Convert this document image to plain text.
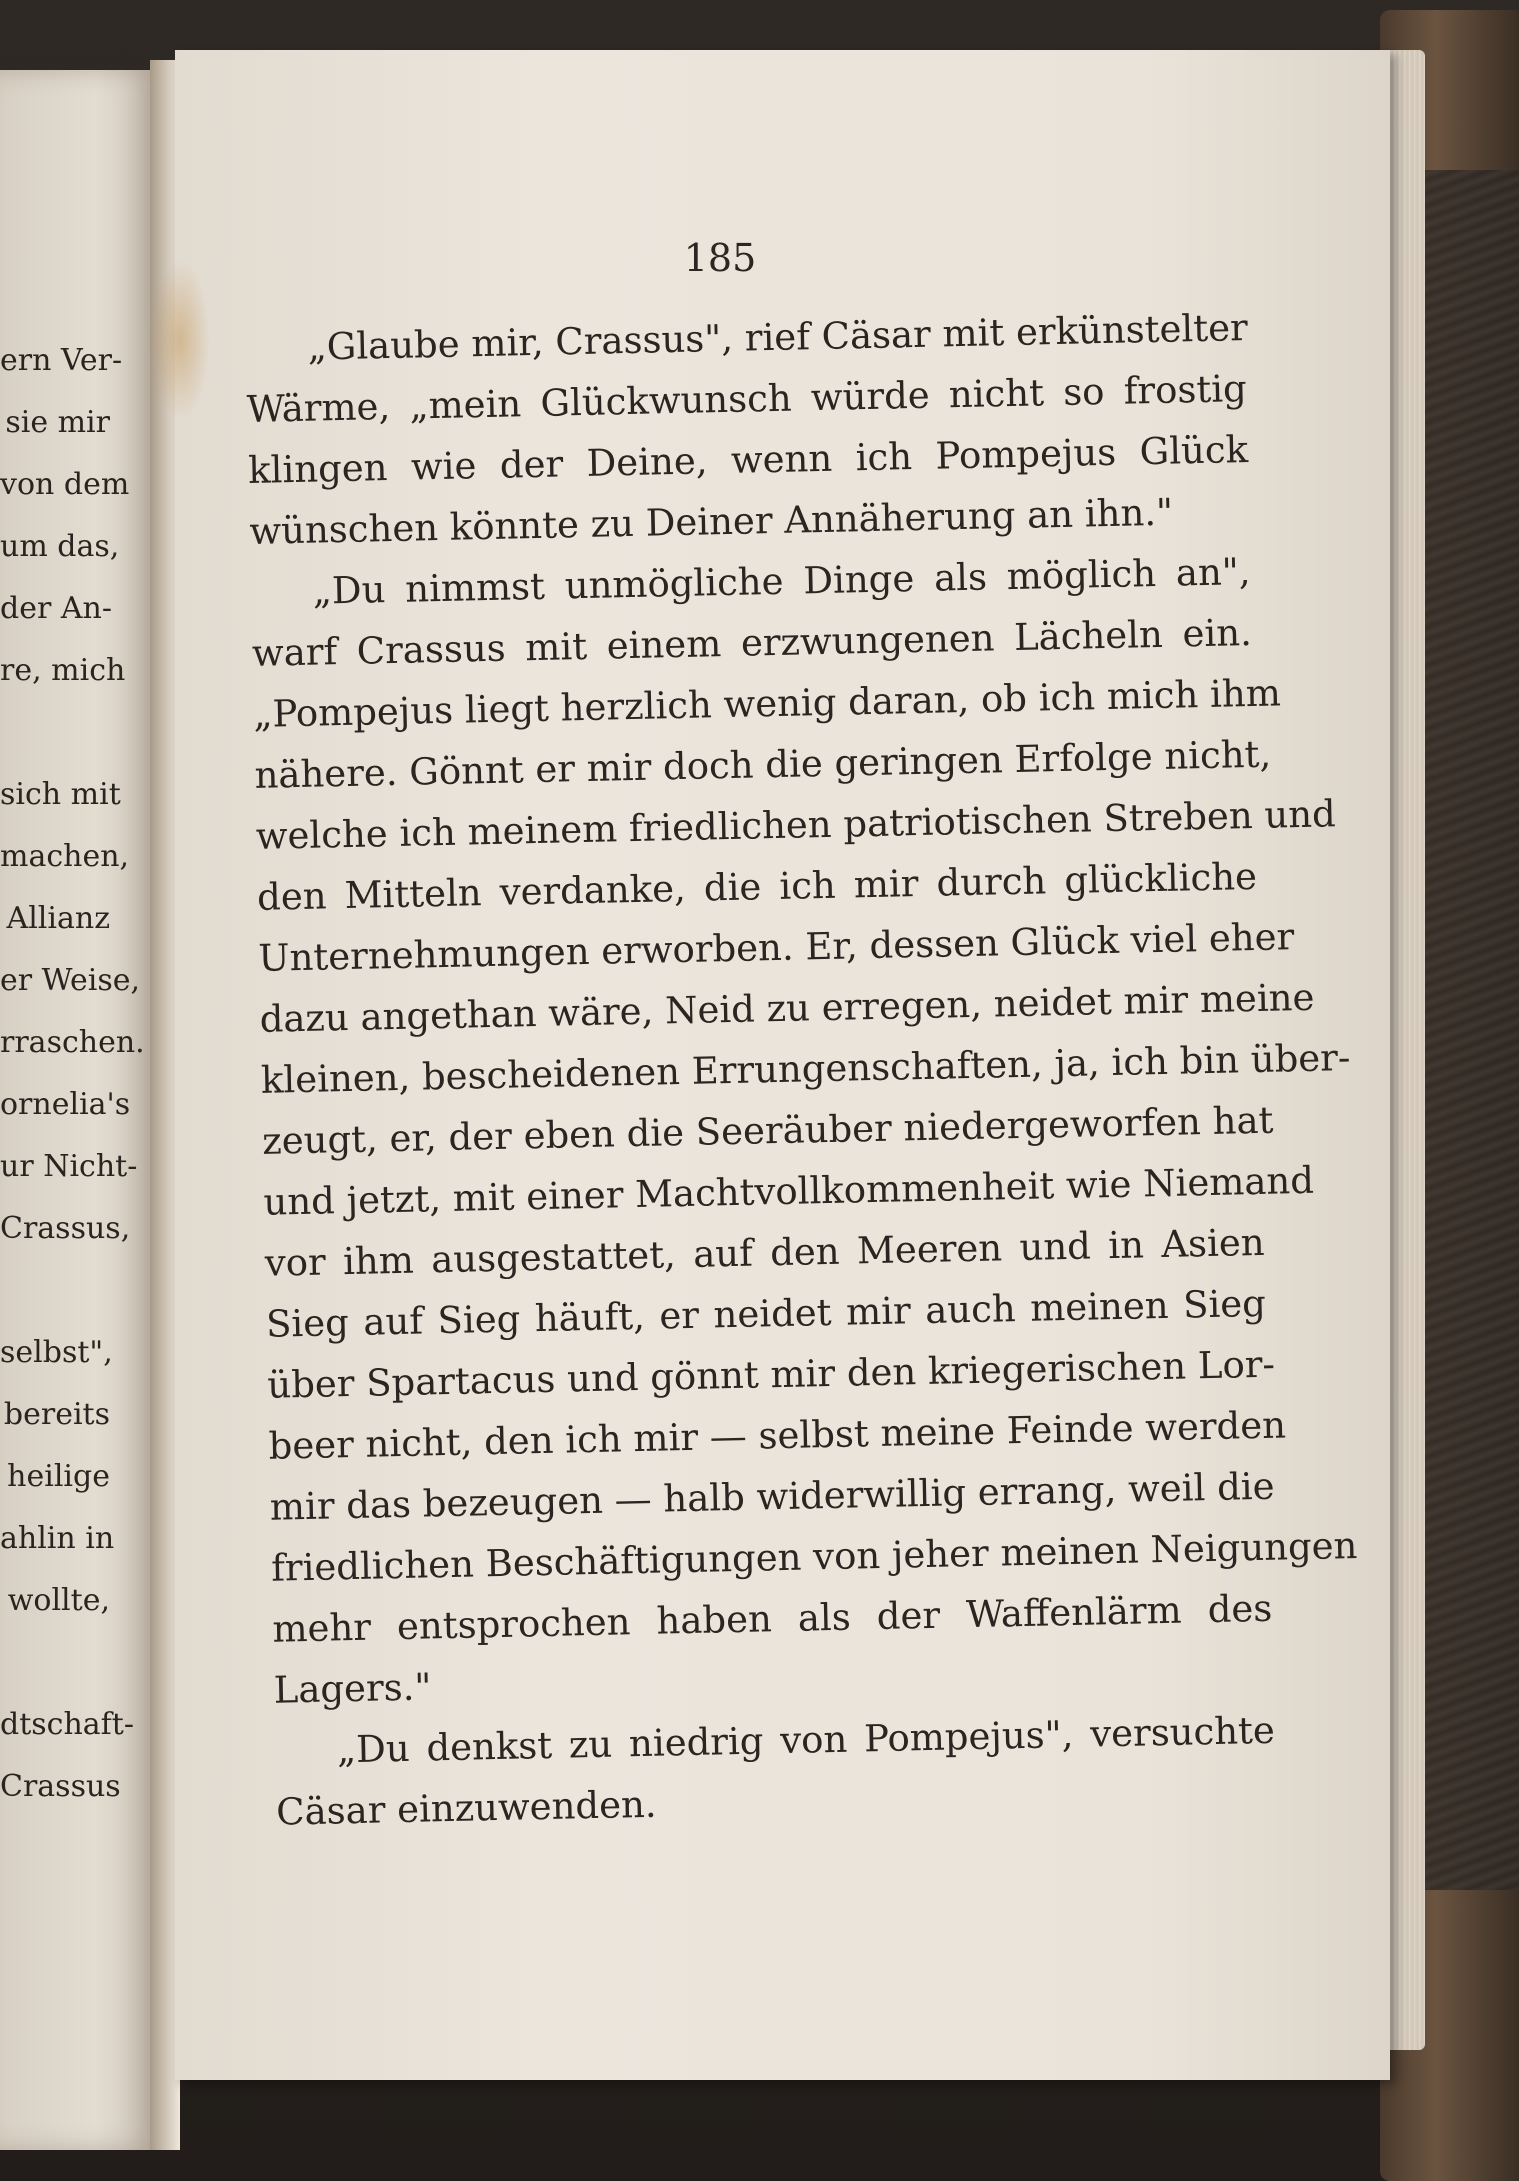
ern Ver-
sie mir
von dem
um das,
der An-
re, mich
sich mit
machen,
Allianz
er Weise,
rraschen.
ornelia's
ur Nicht-
Crassus,
selbst",
bereits
heilige
ahlin in
wollte,
dtschaft-
Crassus
185
„Glaube mir, Crassus", rief Cäsar mit erkünstelter
Wärme, „mein Glückwunsch würde nicht so frostig
klingen wie der Deine, wenn ich Pompejus Glück
wünschen könnte zu Deiner Annäherung an ihn."
„Du nimmst unmögliche Dinge als möglich an",
warf Crassus mit einem erzwungenen Lächeln ein.
„Pompejus liegt herzlich wenig daran, ob ich mich ihm
nähere. Gönnt er mir doch die geringen Erfolge nicht,
welche ich meinem friedlichen patriotischen Streben und
den Mitteln verdanke, die ich mir durch glückliche
Unternehmungen erworben. Er, dessen Glück viel eher
dazu angethan wäre, Neid zu erregen, neidet mir meine
kleinen, bescheidenen Errungenschaften, ja, ich bin über-
zeugt, er, der eben die Seeräuber niedergeworfen hat
und jetzt, mit einer Machtvollkommenheit wie Niemand
vor ihm ausgestattet, auf den Meeren und in Asien
Sieg auf Sieg häuft, er neidet mir auch meinen Sieg
über Spartacus und gönnt mir den kriegerischen Lor-
beer nicht, den ich mir — selbst meine Feinde werden
mir das bezeugen — halb widerwillig errang, weil die
friedlichen Beschäftigungen von jeher meinen Neigungen
mehr entsprochen haben als der Waffenlärm des
Lagers."
„Du denkst zu niedrig von Pompejus", versuchte
Cäsar einzuwenden.
